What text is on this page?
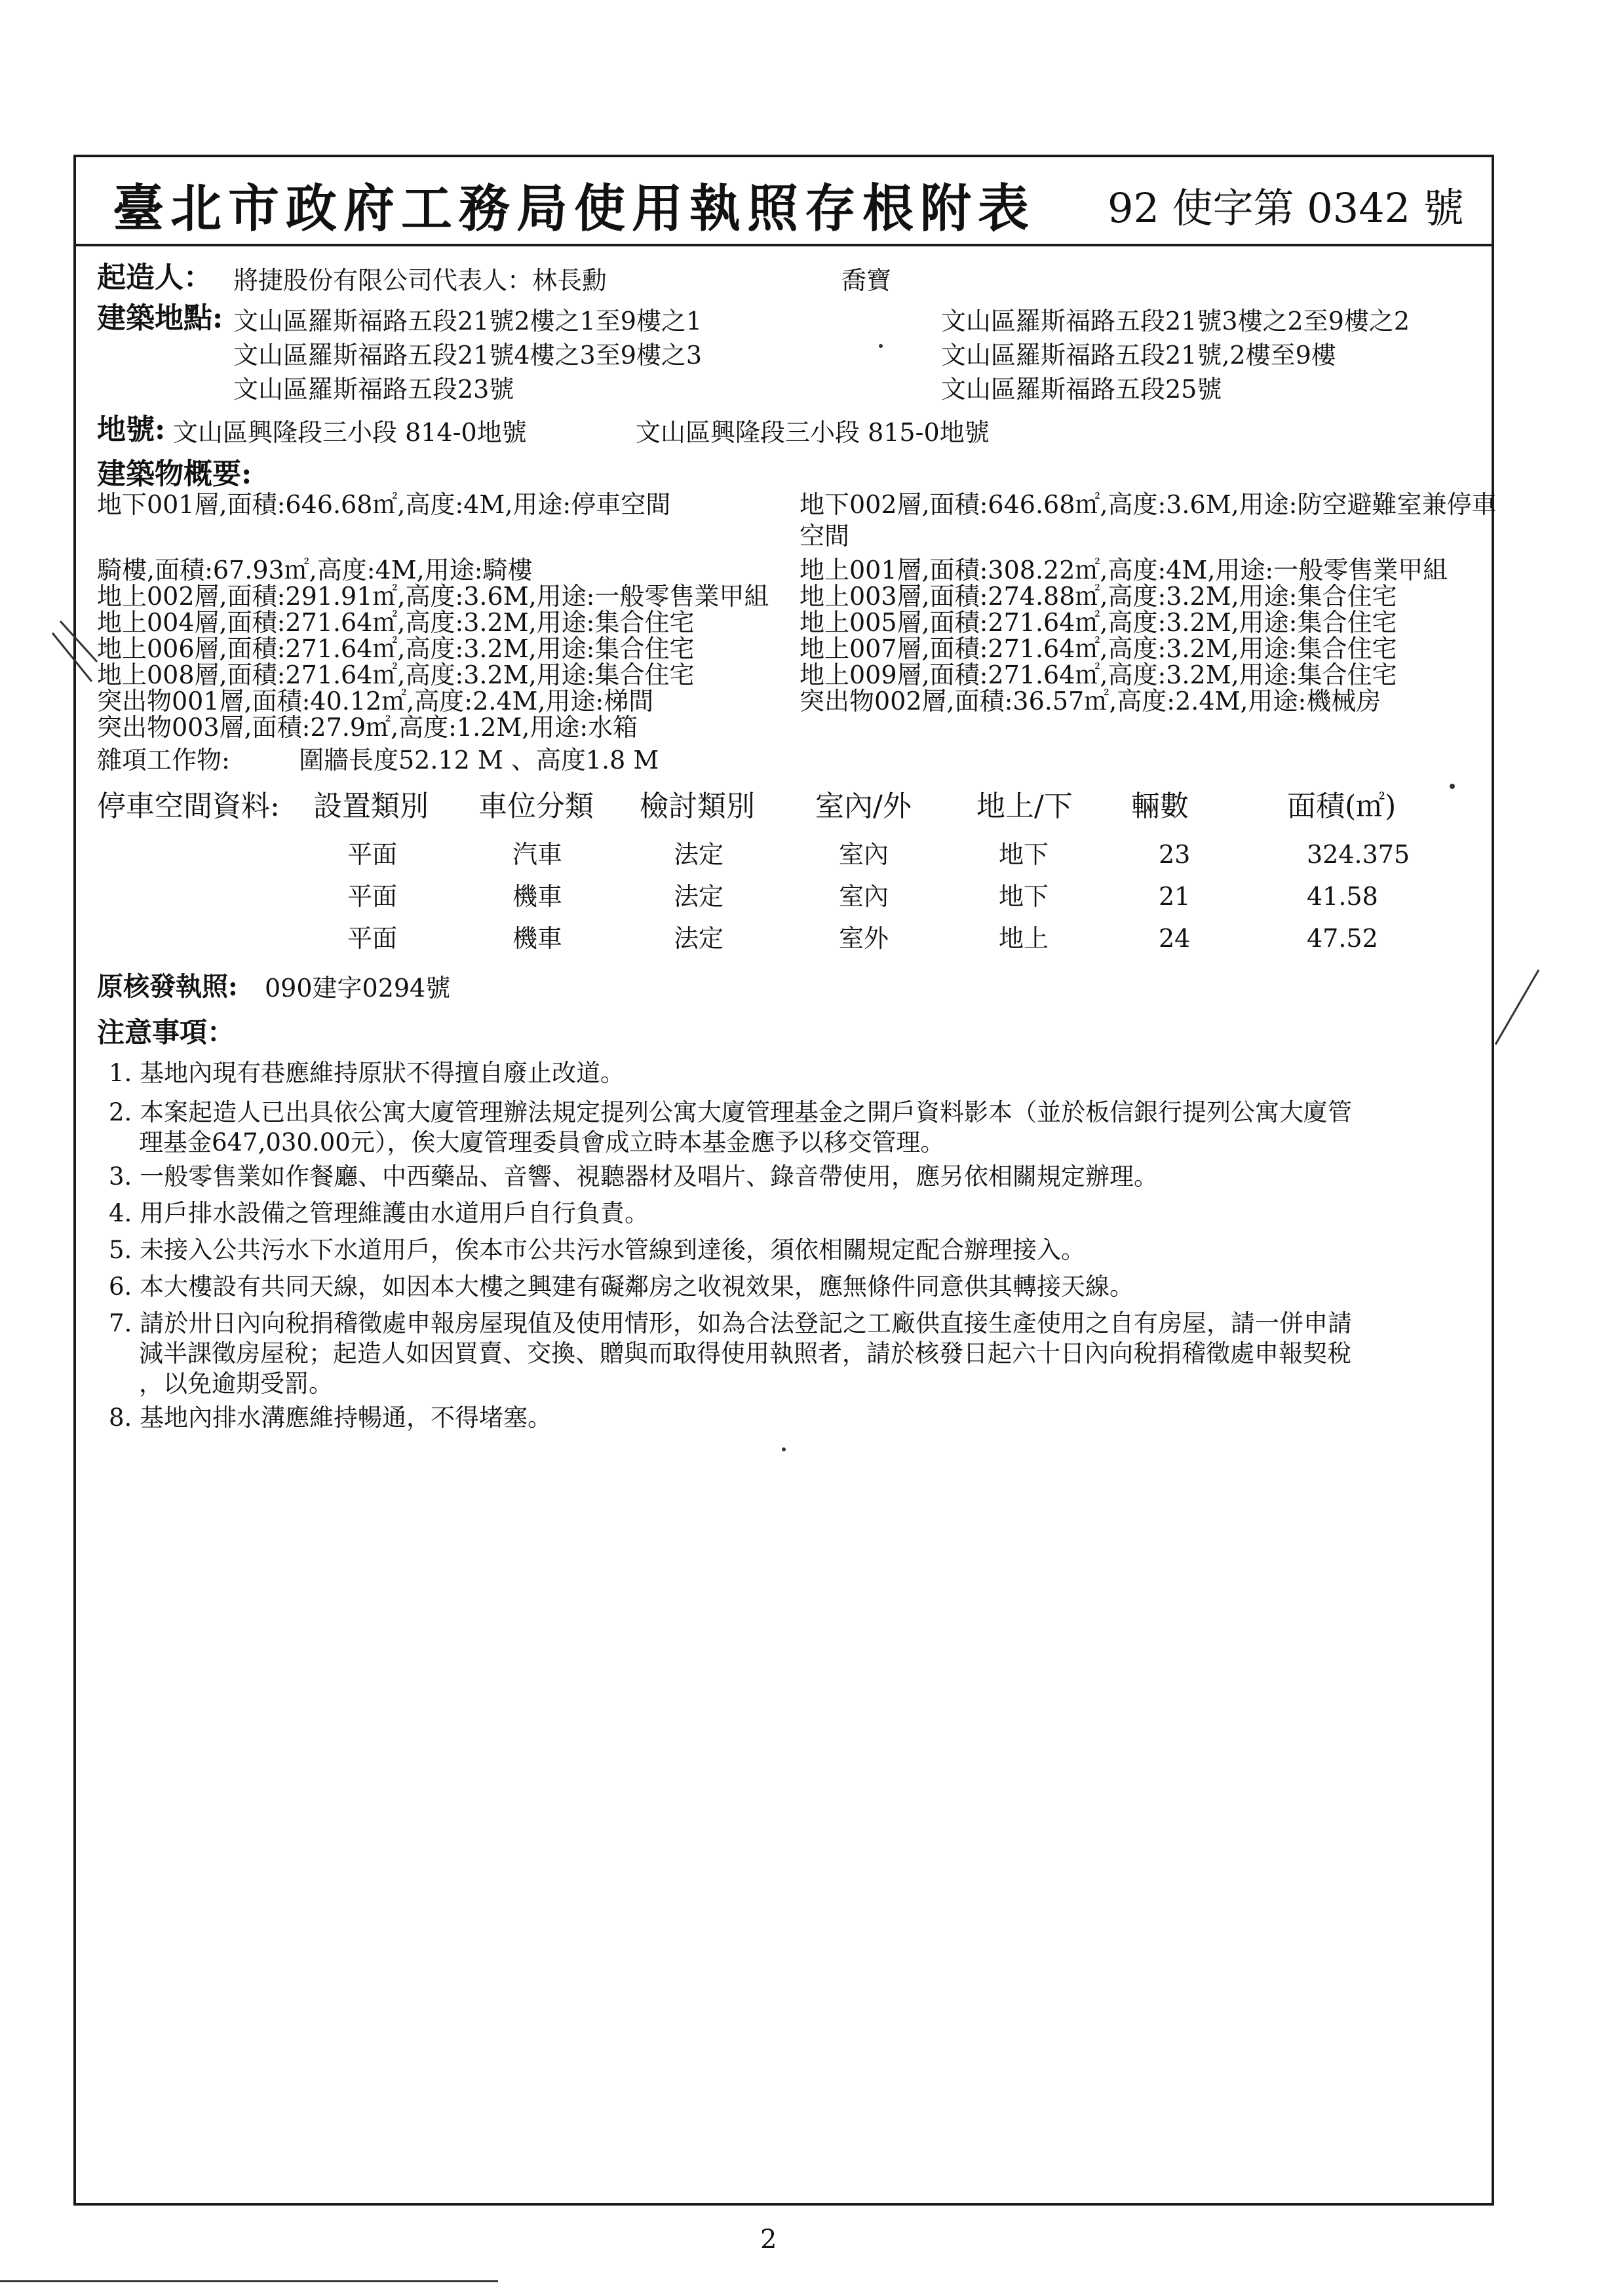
臺北市政府工務局使用執照存根附表 92 使字第 0342 號
起造人： 將捷股份有限公司代表人：林長勳	喬寶
建築地點: 文山區羅斯福路五段21號2樓之1至9樓之1	文山區羅斯福路五段21號3樓之2至9樓之2
文山區羅斯福路五段21號4樓之3至9樓之3	文山區羅斯福路五段21號,2樓至9樓
文山區羅斯福路五段23號	文山區羅斯福路五段25號
地號: 文山區興隆段三小段 814-0地號	文山區興隆段三小段 815-0地號
建築物概要:
地下001層,面積:646.68㎡,高度:4M,用途:停車空間	地下002層,面積:646.68㎡,高度:3.6M,用途:防空避難室兼停車
空間
騎樓,面積:67.93㎡,高度:4M,用途:騎樓	地上001層,面積:308.22㎡,高度:4M,用途:一般零售業甲組
地上002層,面積:291.91㎡,高度:3.6M,用途:一般零售業甲組 地上003層,面積:274.88㎡,高度:3.2M,用途:集合住宅
地上004層,面積:271.64㎡,高度:3.2M,用途:集合住宅	地上005層,面積:271.64㎡,高度:3.2M,用途:集合住宅
地上006層,面積:271.64㎡,高度:3.2M,用途:集合住宅	地上007層,面積:271.64㎡,高度:3.2M,用途:集合住宅
地上008層,面積:271.64㎡,高度:3.2M,用途:集合住宅	地上009層,面積:271.64㎡,高度:3.2M,用途:集合住宅
突出物001層,面積:40.12㎡,高度:2.4M,用途:梯間	突出物002層,面積:36.57㎡,高度:2.4M,用途:機械房
突出物003層,面積:27.9㎡,高度:1.2M,用途:水箱
雜項工作物:	圍牆長度52.12 M 、高度1.8 M
停車空間資料: 設置類別 車位分類 檢討類別 室內/外 地上/下 輛數	面積(㎡)
平面	汽車	法定	室內	地下	23	324.375
平面	機車	法定	室內	地下	21	41.58
平面	機車	法定	室外	地上	24	47.52
原核發執照: 090建字0294號
注意事項：
1. 基地內現有巷應維持原狀不得擅自廢止改道。
2. 本案起造人已出具依公寓大廈管理辦法規定提列公寓大廈管理基金之開戶資料影本（並於板信銀行提列公寓大廈管
理基金647,030.00元），俟大廈管理委員會成立時本基金應予以移交管理。
3. 一般零售業如作餐廳、中西藥品、音響、視聽器材及唱片、錄音帶使用，應另依相關規定辦理。
4. 用戶排水設備之管理維護由水道用戶自行負責。
5. 未接入公共污水下水道用戶，俟本市公共污水管線到達後，須依相關規定配合辦理接入。
6. 本大樓設有共同天線，如因本大樓之興建有礙鄰房之收視效果，應無條件同意供其轉接天線。
7. 請於卅日內向稅捐稽徵處申報房屋現值及使用情形，如為合法登記之工廠供直接生產使用之自有房屋，請一併申請
減半課徵房屋稅；起造人如因買賣、交換、贈與而取得使用執照者，請於核發日起六十日內向稅捐稽徵處申報契稅
，以免逾期受罰。
8. 基地內排水溝應維持暢通，不得堵塞。
2
